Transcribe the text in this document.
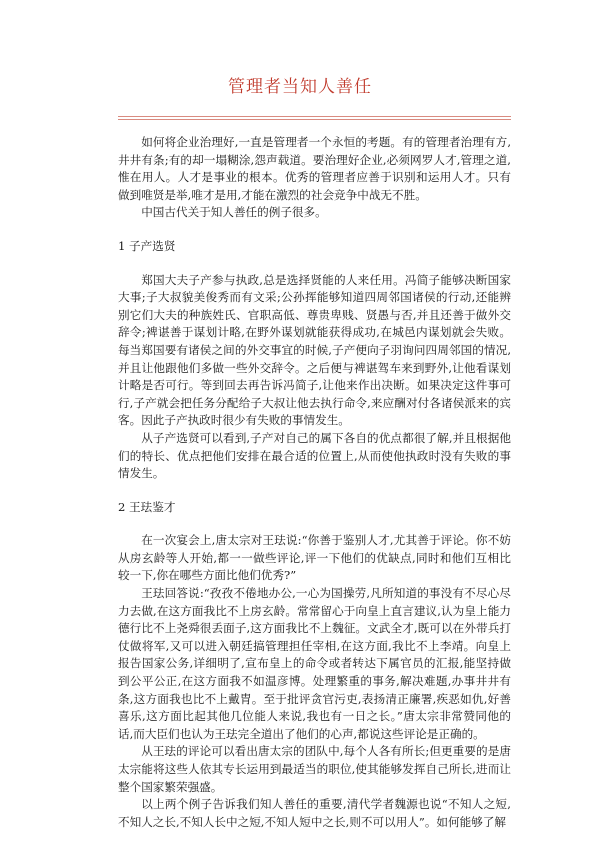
管理者当知人善任

如何将企业治理好,一直是管理者一个永恒的考题。有的管理者治理有方,井井有条;有的却一塌糊涂,怨声载道。要治理好企业,必须网罗人才,管理之道,惟在用人。人才是事业的根本。优秀的管理者应善于识别和运用人才。只有做到唯贤是举,唯才是用,才能在激烈的社会竞争中战无不胜。

中国古代关于知人善任的例子很多。

1 子产选贤

郑国大夫子产参与执政,总是选择贤能的人来任用。冯简子能够决断国家大事;子大叔貌美俊秀而有文采;公孙挥能够知道四周邻国诸侯的行动,还能辨别它们大夫的种族姓氏、官职高低、尊贵卑贱、贤愚与否,并且还善于做外交辞令;裨谌善于谋划计略,在野外谋划就能获得成功,在城邑内谋划就会失败。每当郑国要有诸侯之间的外交事宜的时候,子产便向子羽询问四周邻国的情况,并且让他跟他们多做一些外交辞令。之后便与裨谌驾车来到野外,让他看谋划计略是否可行。等到回去再告诉冯简子,让他来作出决断。如果决定这件事可行,子产就会把任务分配给子大叔让他去执行命令,来应酬对付各诸侯派来的宾客。因此子产执政时很少有失败的事情发生。

从子产选贤可以看到,子产对自己的属下各自的优点都很了解,并且根据他们的特长、优点把他们安排在最合适的位置上,从而使他执政时没有失败的事情发生。

2 王珐鉴才

在一次宴会上,唐太宗对王珐说:“你善于鉴别人才,尤其善于评论。你不妨从房玄龄等人开始,都一一做些评论,评一下他们的优缺点,同时和他们互相比较一下,你在哪些方面比他们优秀?”

王珐回答说:“孜孜不倦地办公,一心为国操劳,凡所知道的事没有不尽心尽力去做,在这方面我比不上房玄龄。常常留心于向皇上直言建议,认为皇上能力德行比不上尧舜很丢面子,这方面我比不上魏征。文武全才,既可以在外带兵打仗做将军,又可以进入朝廷搞管理担任宰相,在这方面,我比不上李靖。向皇上报告国家公务,详细明了,宣布皇上的命令或者转达下属官员的汇报,能坚持做到公平公正,在这方面我不如温彦博。处理繁重的事务,解决难题,办事井井有条,这方面我也比不上戴胄。至于批评贪官污吏,表扬清正廉署,疾恶如仇,好善喜乐,这方面比起其他几位能人来说,我也有一日之长。”唐太宗非常赞同他的话,而大臣们也认为王珐完全道出了他们的心声,都说这些评论是正确的。

从王珐的评论可以看出唐太宗的团队中,每个人各有所长;但更重要的是唐太宗能将这些人依其专长运用到最适当的职位,使其能够发挥自己所长,进而让整个国家繁荣强盛。

以上两个例子告诉我们知人善任的重要,清代学者魏源也说“不知人之短,不知人之长,不知人长中之短,不知人短中之长,则不可以用人”。如何能够了解
